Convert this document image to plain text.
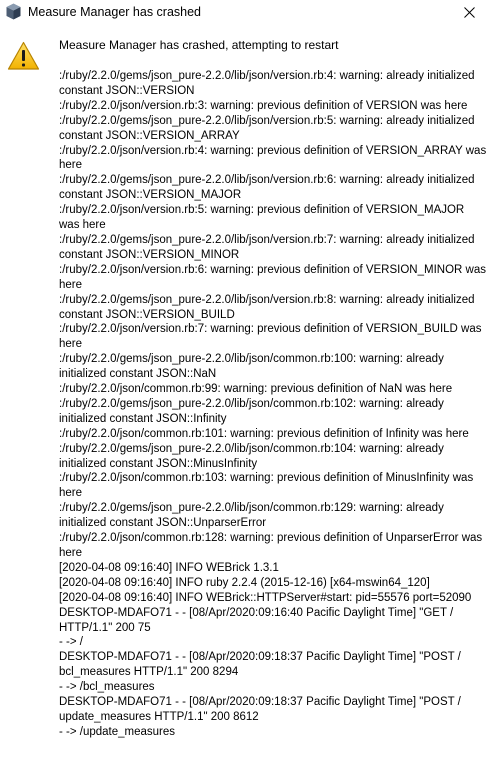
Measure Manager has crashed
Measure Manager has crashed, attempting to restart
:/ruby/2.2.0/gems/json_pure-2.2.0/lib/json/version.rb:4: warning: already initialized constant JSON::VERSION
:/ruby/2.2.0/json/version.rb:3: warning: previous definition of VERSION was here
:/ruby/2.2.0/gems/json_pure-2.2.0/lib/json/version.rb:5: warning: already initialized constant JSON::VERSION_ARRAY
:/ruby/2.2.0/json/version.rb:4: warning: previous definition of VERSION_ARRAY was here
:/ruby/2.2.0/gems/json_pure-2.2.0/lib/json/version.rb:6: warning: already initialized constant JSON::VERSION_MAJOR
:/ruby/2.2.0/json/version.rb:5: warning: previous definition of VERSION_MAJOR was here
:/ruby/2.2.0/gems/json_pure-2.2.0/lib/json/version.rb:7: warning: already initialized constant JSON::VERSION_MINOR
:/ruby/2.2.0/json/version.rb:6: warning: previous definition of VERSION_MINOR was here
:/ruby/2.2.0/gems/json_pure-2.2.0/lib/json/version.rb:8: warning: already initialized constant JSON::VERSION_BUILD
:/ruby/2.2.0/json/version.rb:7: warning: previous definition of VERSION_BUILD was here
:/ruby/2.2.0/gems/json_pure-2.2.0/lib/json/common.rb:100: warning: already initialized constant JSON::NaN
:/ruby/2.2.0/json/common.rb:99: warning: previous definition of NaN was here
:/ruby/2.2.0/gems/json_pure-2.2.0/lib/json/common.rb:102: warning: already initialized constant JSON::Infinity
:/ruby/2.2.0/json/common.rb:101: warning: previous definition of Infinity was here
:/ruby/2.2.0/gems/json_pure-2.2.0/lib/json/common.rb:104: warning: already initialized constant JSON::MinusInfinity
:/ruby/2.2.0/json/common.rb:103: warning: previous definition of MinusInfinity was here
:/ruby/2.2.0/gems/json_pure-2.2.0/lib/json/common.rb:129: warning: already initialized constant JSON::UnparserError
:/ruby/2.2.0/json/common.rb:128: warning: previous definition of UnparserError was here
[2020-04-08 09:16:40] INFO WEBrick 1.3.1
[2020-04-08 09:16:40] INFO ruby 2.2.4 (2015-12-16) [x64-mswin64_120]
[2020-04-08 09:16:40] INFO WEBrick::HTTPServer#start: pid=55576 port=52090
DESKTOP-MDAFO71 - - [08/Apr/2020:09:16:40 Pacific Daylight Time] "GET / HTTP/1.1" 200 75
- -> /
DESKTOP-MDAFO71 - - [08/Apr/2020:09:18:37 Pacific Daylight Time] "POST / bcl_measures HTTP/1.1" 200 8294
- -> /bcl_measures
DESKTOP-MDAFO71 - - [08/Apr/2020:09:18:37 Pacific Daylight Time] "POST / update_measures HTTP/1.1" 200 8612
- -> /update_measures
